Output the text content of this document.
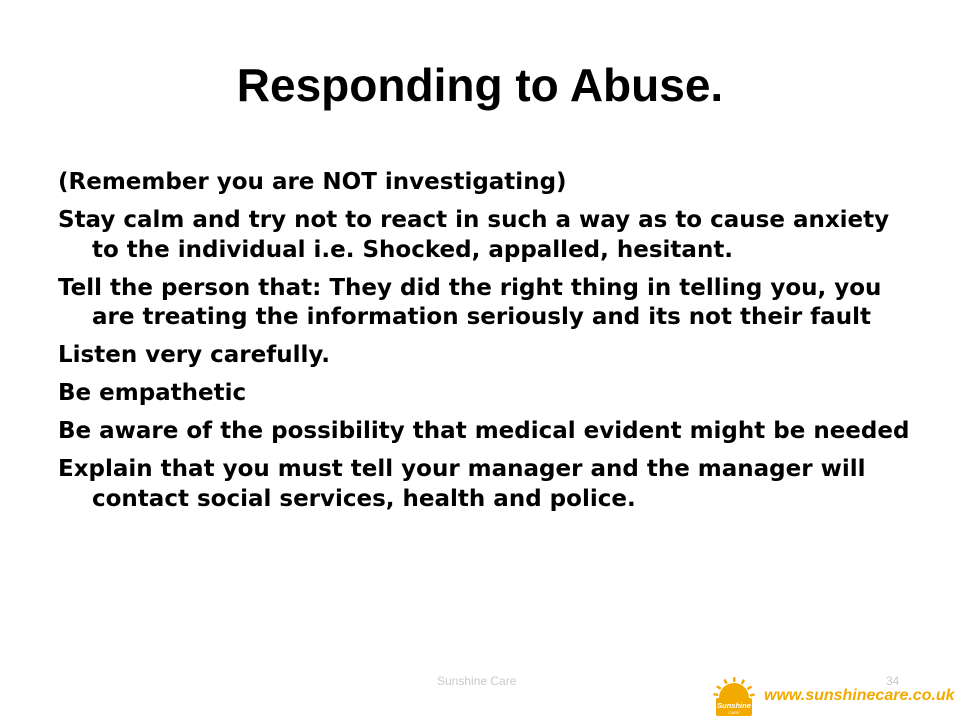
Responding to Abuse.

(Remember you are NOT investigating)

Stay calm and try not to react in such a way as to cause anxiety to the individual i.e. Shocked, appalled, hesitant.

Tell the person that: They did the right thing in telling you, you are treating the information seriously and its not their fault

Listen very carefully.

Be empathetic

Be aware of the possibility that medical evident might be needed

Explain that you must tell your manager and the manager will contact social services, health and police.

Sunshine Care	34
Sunshine
CARE
www.sunshinecare.co.uk
